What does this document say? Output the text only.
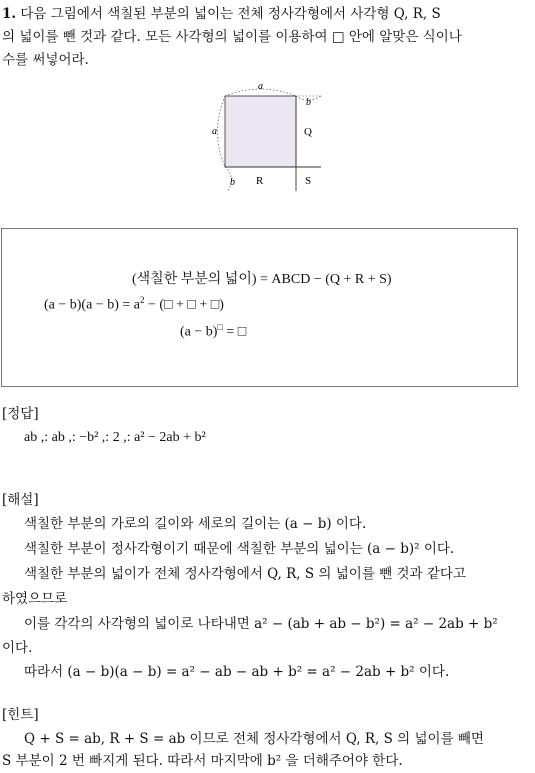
1. 다음 그림에서 색칠된 부분의 넓이는 전체 정사각형에서 사각형 Q, R, S

의 넓이를 뺀 것과 같다. 모든 사각형의 넓이를 이용하여 □ 안에 알맞은 식이나

수를 써넣어라.

a
a
b
b
Q
R	S
(색칠한 부분의 넓이) = ABCD − (Q + R + S)
$(a - b)(a - b) = a^2$ − (□ + □ + □)
(a − b)□ = □

[정답]

ab ,: ab ,: −b² ,: 2 ,: a² − 2ab + b²

[해설]

색칠한 부분의 가로의 길이와 세로의 길이는 (a − b) 이다.

색칠한 부분이 정사각형이기 때문에 색칠한 부분의 넓이는 (a − b)² 이다.

색칠한 부분의 넓이가 전체 정사각형에서 Q, R, S 의 넓이를 뺀 것과 같다고

하였으므로

이를 각각의 사각형의 넓이로 나타내면 a² − (ab + ab − b²) = a² − 2ab + b²

이다.

따라서 (a − b)(a − b) = a² − ab − ab + b² = a² − 2ab + b² 이다.

[힌트]

Q + S = ab, R + S = ab 이므로 전체 정사각형에서 Q, R, S 의 넓이를 빼면

S 부분이 2 번 빠지게 된다. 따라서 마지막에 b² 을 더해주어야 한다.
